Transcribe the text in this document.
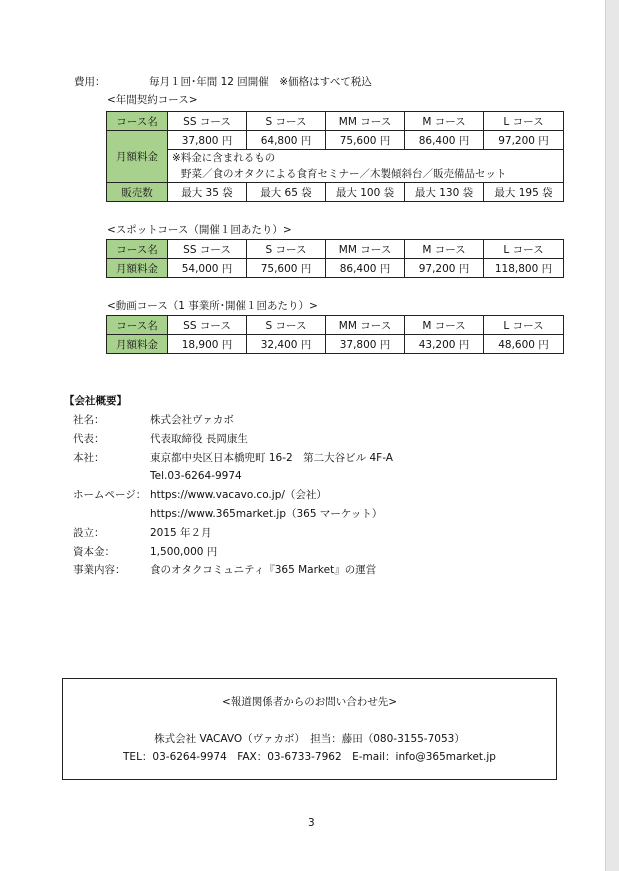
費用：	毎月１回･年間 12 回開催　※価格はすべて税込
<年間契約コース>
コース名	SS コース	S コース	MM コース	M コース	L コース
月額料金	37,800 円	64,800 円	75,600 円	86,400 円	97,200 円
	※料金に含まれるもの				
	野菜／食のオタクによる食育セミナー／木製傾斜台／販売備品セット				
販売数	最大 35 袋	最大 65 袋	最大 100 袋	最大 130 袋	最大 195 袋
<スポットコース（開催１回あたり）>
コース名	SS コース	S コース	MM コース	M コース	L コース
月額料金	54,000 円	75,600 円	86,400 円	97,200 円	118,800 円
<動画コース（1 事業所･開催１回あたり）>
コース名	SS コース	S コース	MM コース	M コース	L コース
月額料金	18,900 円	32,400 円	37,800 円	43,200 円	48,600 円
【会社概要】
社名：	株式会社ヴァカボ
代表：	代表取締役 長岡康生
本社：	東京都中央区日本橋兜町 16-2　第二大谷ビル 4F-A
Tel.03-6264-9974
ホームページ： https://www.vacavo.co.jp/（会社）
https://www.365market.jp（365 マーケット）
設立：	2015 年２月
資本金：	1,500,000 円
事業内容： 食のオタクコミュニティ『365 Market』の運営
<報道関係者からのお問い合わせ先>
株式会社 VACAVO（ヴァカボ）　担当：藤田（080-3155-7053）
TEL：03-6264-9974　FAX：03-6733-7962　E-mail：info@365market.jp
3
